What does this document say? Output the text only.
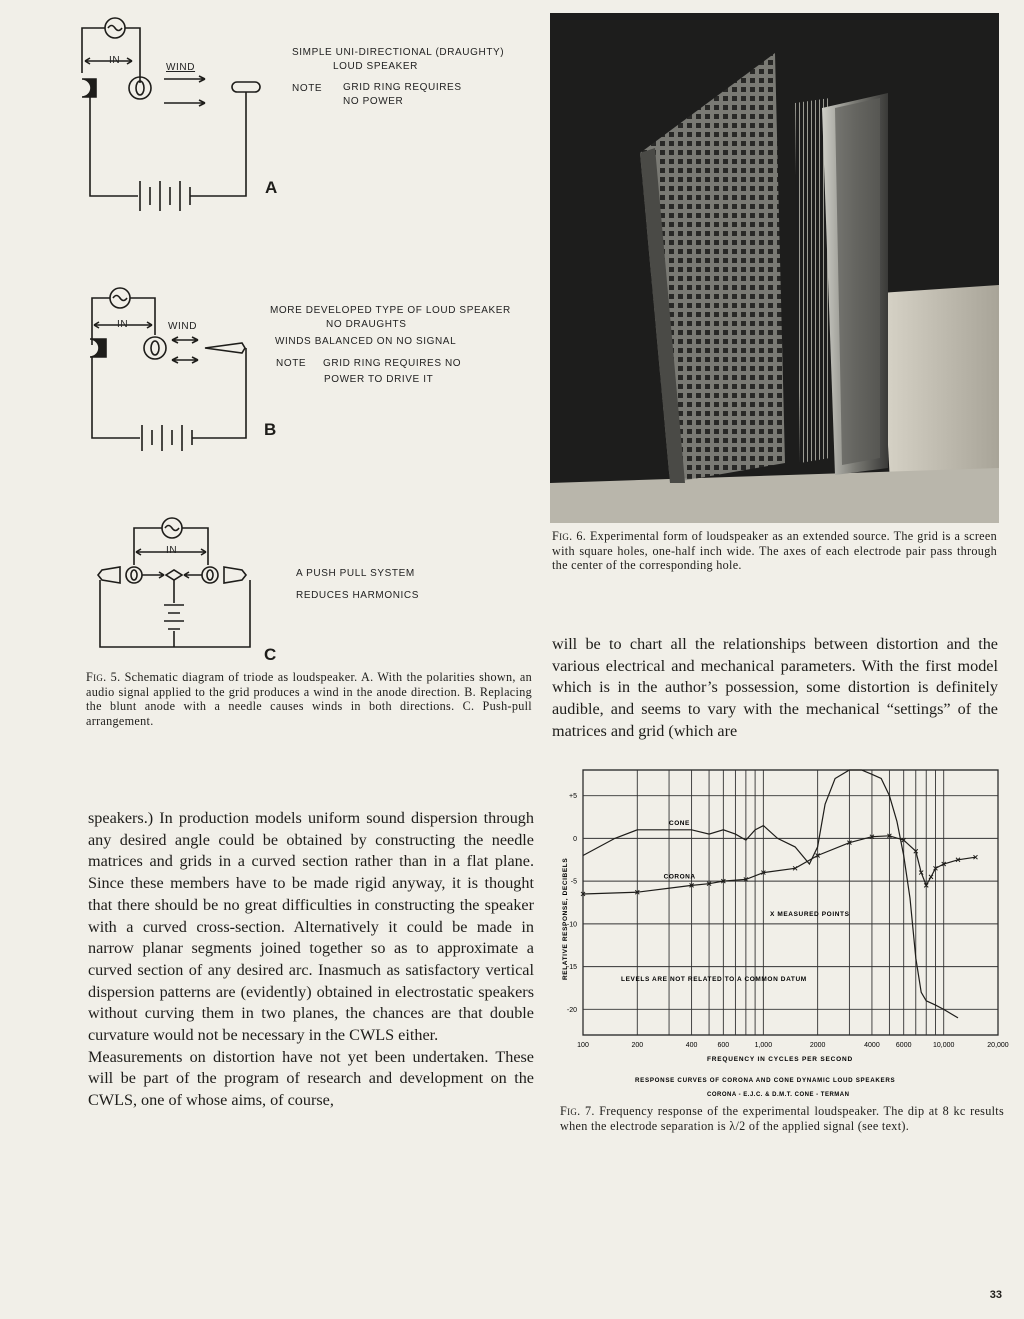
IN
WIND
SIMPLE UNI-DIRECTIONAL (DRAUGHTY)
LOUD SPEAKER
NOTE GRID RING REQUIRES
NO POWER
A
IN	WIND
MORE DEVELOPED TYPE OF LOUD SPEAKER
NO DRAUGHTS
WINDS BALANCED ON NO SIGNAL
NOTE GRID RING REQUIRES NO
POWER TO DRIVE IT
B
IN
A PUSH PULL SYSTEM
REDUCES HARMONICS
C
Fig. 5. Schematic diagram of triode as loudspeaker. A. With the polarities shown, an audio signal applied to the grid produces a wind in the anode direction. B. Replacing the blunt anode with a needle causes winds in both directions. C. Push-pull arrangement.
Fig. 6. Experimental form of loudspeaker as an extended source. The grid is a screen with square holes, one-half inch wide. The axes of each electrode pair pass through the center of the corresponding hole.
will be to chart all the relationships between distortion and the various electrical and mechanical parameters. With the first model which is in the author’s possession, some distortion is definitely audible, and seems to vary with the mechanical “settings” of the matrices and grid (which are
speakers.) In production models uniform sound dispersion through any desired angle could be obtained by constructing the needle matrices and grids in a curved section rather than in a flat plane. Since these members have to be made rigid anyway, it is thought that there should be no great difficulties in constructing the speaker with a curved cross-section. Alternatively it could be made in narrow planar segments joined together so as to approximate a curved section of any desired arc. Inasmuch as satisfactory vertical dispersion patterns are (evidently) obtained in electrostatic speakers without curving them in two planes, the chances are that double curvature would not be necessary in the CWLS either.
Measurements on distortion have not yet been undertaken. These will be part of the program of research and development on the CWLS, one of whose aims, of course,
CONE
CORONA
100	200	400	600	1,000	2000	4000 6000	10,000	20,000
+5
0
-5
-10
-15
-20
RELATIVE RESPONSE, DECIBELS
FREQUENCY IN CYCLES PER SECOND
RESPONSE CURVES OF CORONA AND CONE DYNAMIC LOUD SPEAKERS
CORONA - E.J.C. & D.M.T. CONE - TERMAN
X MEASURED POINTS
LEVELS ARE NOT RELATED TO A COMMON DATUM
Fig. 7. Frequency response of the experimental loudspeaker. The dip at 8 kc results when the electrode separation is λ/2 of the applied signal (see text).
33
